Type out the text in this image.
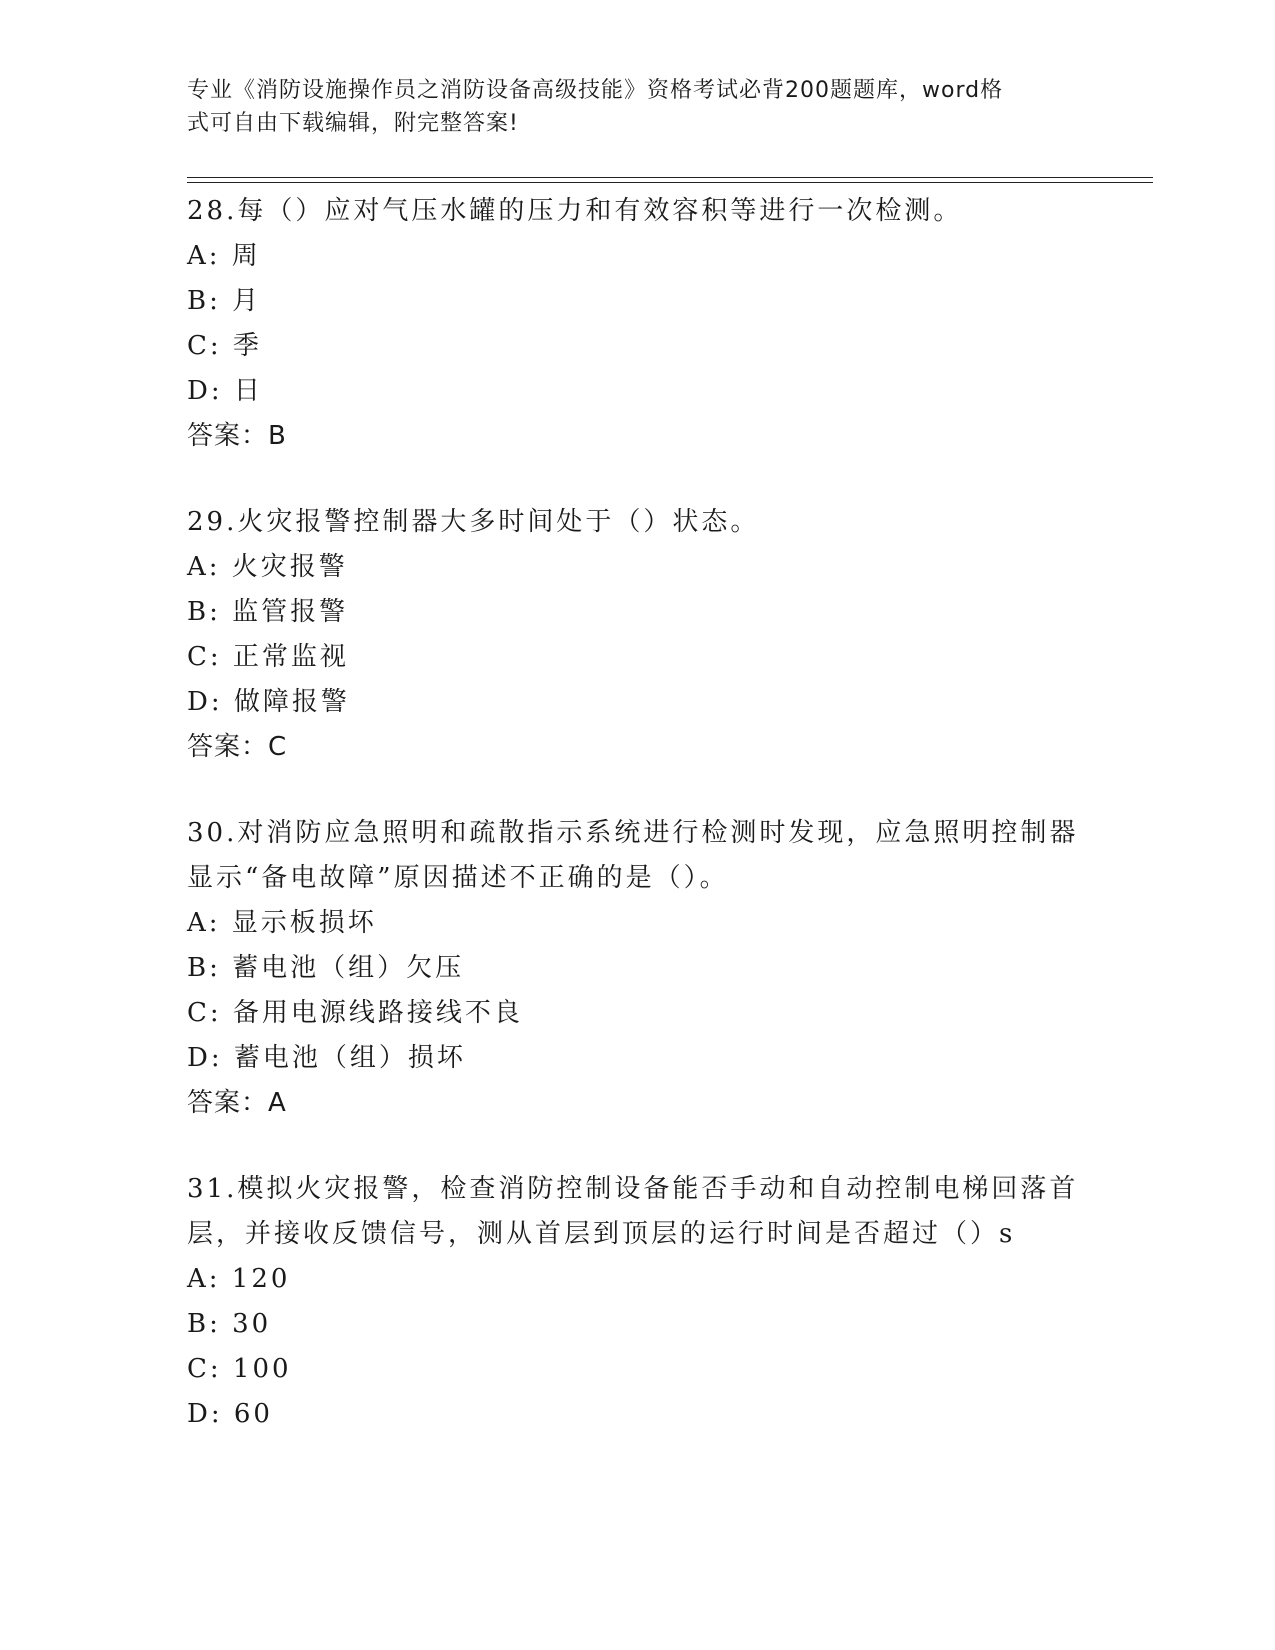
专业《消防设施操作员之消防设备高级技能》资格考试必背200题题库，word格
式可自由下载编辑，附完整答案!
28.每（）应对气压水罐的压力和有效容积等进行一次检测。
A: 周
B: 月
C: 季
D: 日
答案：B
29.火灾报警控制器大多时间处于（）状态。
A: 火灾报警
B: 监管报警
C: 正常监视
D: 做障报警
答案：C
30.对消防应急照明和疏散指示系统进行检测时发现，应急照明控制器
显示“备电故障”原因描述不正确的是（）。
A: 显示板损坏
B: 蓄电池（组）欠压
C: 备用电源线路接线不良
D: 蓄电池（组）损坏
答案：A
31.模拟火灾报警，检查消防控制设备能否手动和自动控制电梯回落首
层，并接收反馈信号，测从首层到顶层的运行时间是否超过（）s
A: 120
B: 30
C: 100
D: 60
